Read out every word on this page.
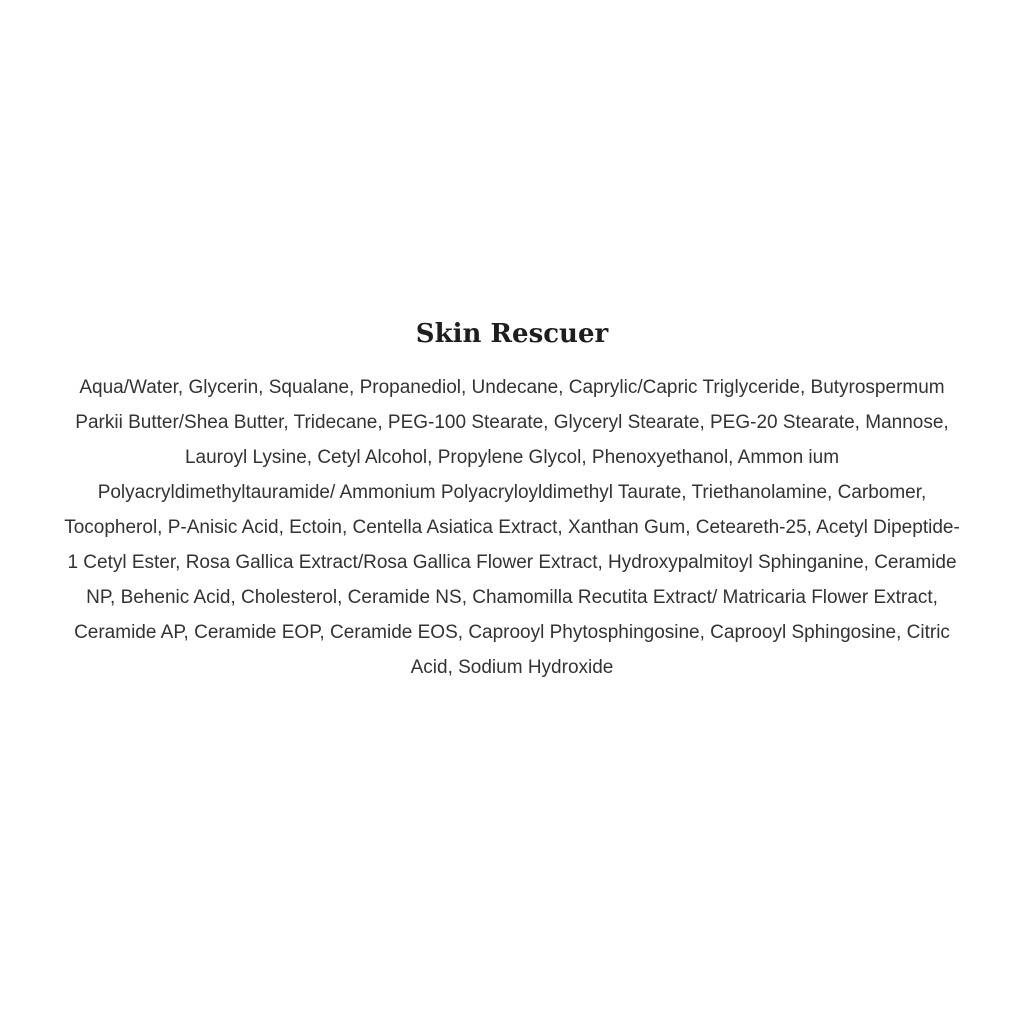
Skin Rescuer

Aqua/Water, Glycerin, Squalane, Propanediol, Undecane, Caprylic/Capric Triglyceride, Butyrospermum
Parkii Butter/Shea Butter, Tridecane, PEG-100 Stearate, Glyceryl Stearate, PEG-20 Stearate, Mannose,
Lauroyl Lysine, Cetyl Alcohol, Propylene Glycol, Phenoxyethanol, Ammon ium
Polyacryldimethyltauramide/ Ammonium Polyacryloyldimethyl Taurate, Triethanolamine, Carbomer,
Tocopherol, P-Anisic Acid, Ectoin, Centella Asiatica Extract, Xanthan Gum, Ceteareth-25, Acetyl Dipeptide-
1 Cetyl Ester, Rosa Gallica Extract/Rosa Gallica Flower Extract, Hydroxypalmitoyl Sphinganine, Ceramide
NP, Behenic Acid, Cholesterol, Ceramide NS, Chamomilla Recutita Extract/ Matricaria Flower Extract,
Ceramide AP, Ceramide EOP, Ceramide EOS, Caprooyl Phytosphingosine, Caprooyl Sphingosine, Citric
Acid, Sodium Hydroxide
